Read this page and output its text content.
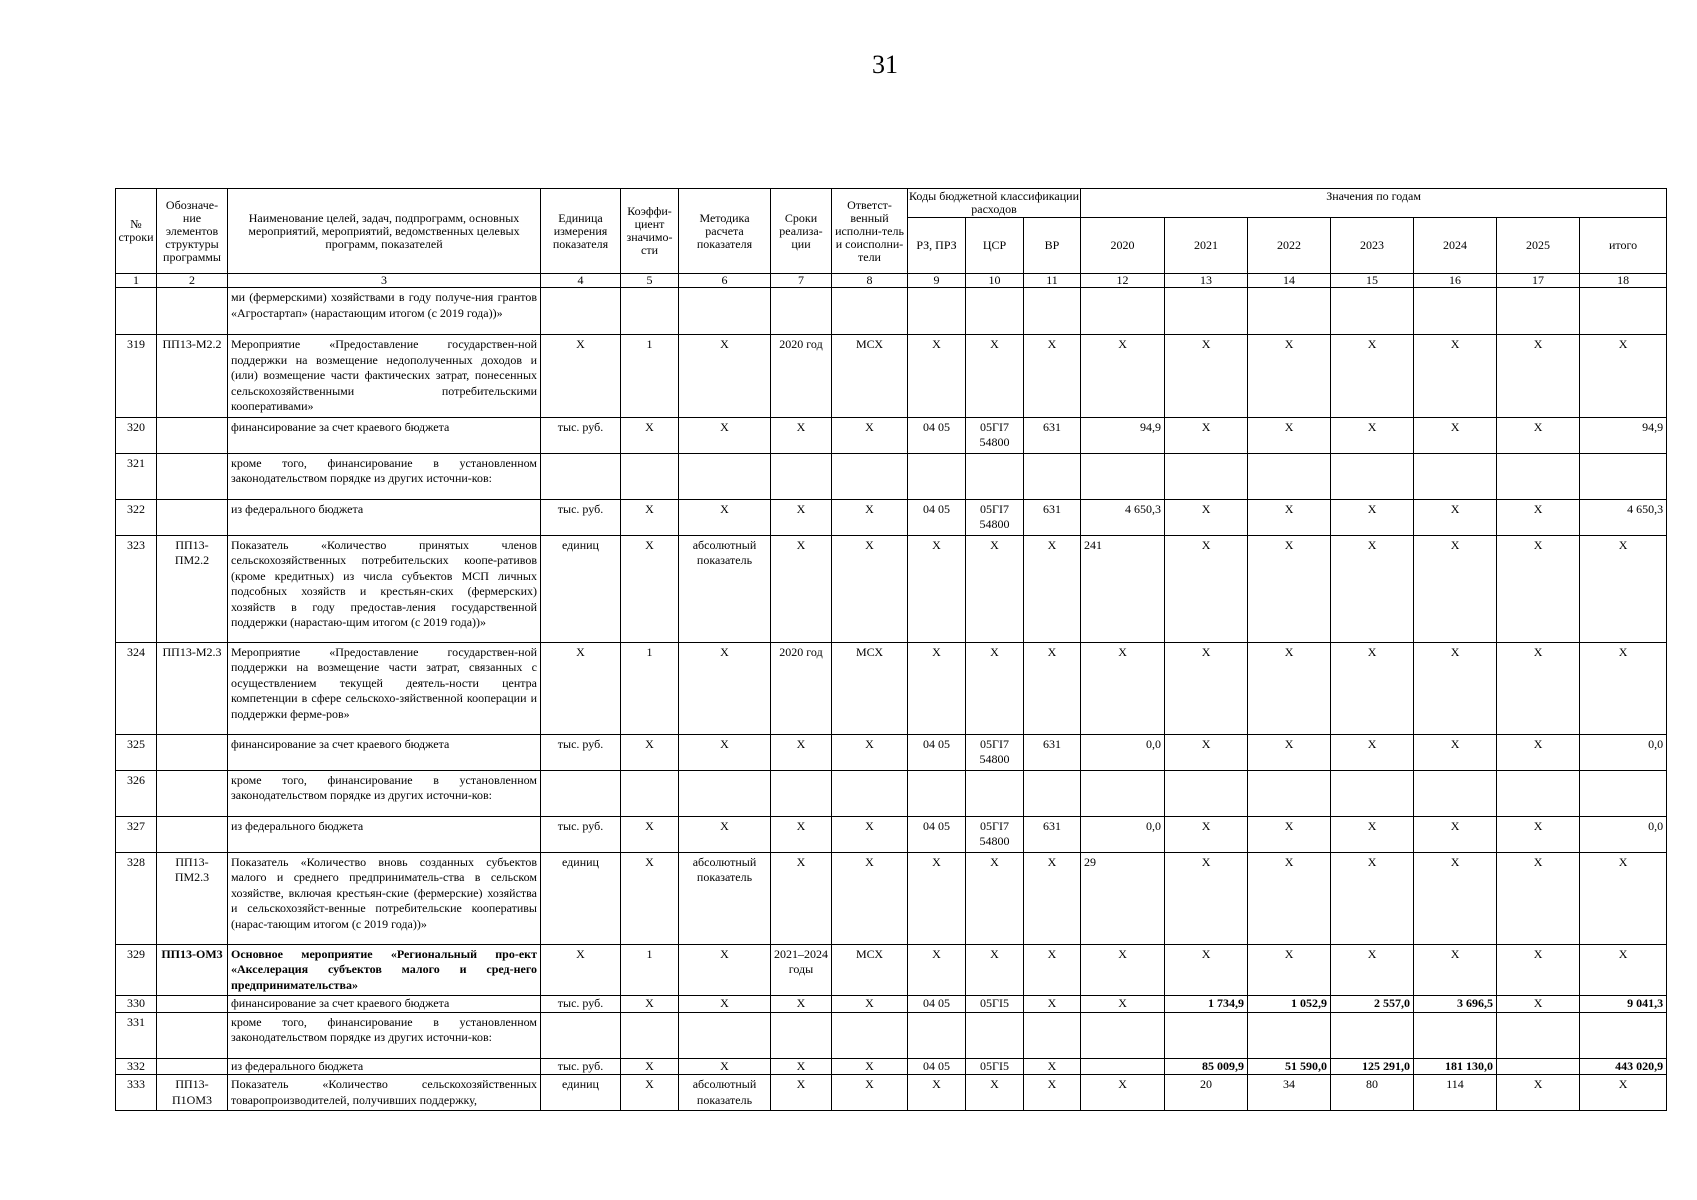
31
№ строки	Обозначе-ние элементов структуры программы	Наименование целей, задач, подпрограмм, основных мероприятий, мероприятий, ведомственных целевых программ, показателей	Единица измерения показателя	Коэффи-циент значимо-сти	Методика расчета показателя	Сроки реализа-ции	Ответст-венный исполни-тель и соисполни-тели	Коды бюджетной классификации расходов			Значения по годам						
								РЗ, ПРЗ	ЦСР	ВР	2020	2021	2022	2023	2024	2025	итого
1	2	3	4	5	6	7	8	9	10	11	12	13	14	15	16	17	18
		ми (фермерскими) хозяйствами в году получе-ния грантов «Агростартап» (нарастающим итогом (с 2019 года))»															
319	ПП13-М2.2	Мероприятие «Предоставление государствен-ной поддержки на возмещение недополученных доходов и (или) возмещение части фактических затрат, понесенных сельскохозяйственными потребительскими кооперативами»	Х	1	Х	2020 год	МСХ	Х	Х	Х	Х	Х	Х	Х	Х	Х	Х
320		финансирование за счет краевого бюджета	тыс. руб.	Х	Х	Х	Х	04 05	05ГI7 54800	631	94,9	Х	Х	Х	Х	Х	94,9
321		кроме того, финансирование в установленном законодательством порядке из других источни-ков:															
322		из федерального бюджета	тыс. руб.	Х	Х	Х	Х	04 05	05ГI7 54800	631	4 650,3	Х	Х	Х	Х	Х	4 650,3
323	ПП13-ПМ2.2	Показатель «Количество принятых членов сельскохозяйственных потребительских коопе-ративов (кроме кредитных) из числа субъектов МСП личных подсобных хозяйств и крестьян-ских (фермерских) хозяйств в году предостав-ления государственной поддержки (нарастаю-щим итогом (с 2019 года))»	единиц	Х	абсолютный показатель	Х	Х	Х	Х	Х	241	Х	Х	Х	Х	Х	Х
324	ПП13-М2.3	Мероприятие «Предоставление государствен-ной поддержки на возмещение части затрат, связанных с осуществлением текущей деятель-ности центра компетенции в сфере сельскохо-зяйственной кооперации и поддержки ферме-ров»	Х	1	Х	2020 год	МСХ	Х	Х	Х	Х	Х	Х	Х	Х	Х	Х
325		финансирование за счет краевого бюджета	тыс. руб.	Х	Х	Х	Х	04 05	05ГI7 54800	631	0,0	Х	Х	Х	Х	Х	0,0
326		кроме того, финансирование в установленном законодательством порядке из других источни-ков:															
327		из федерального бюджета	тыс. руб.	Х	Х	Х	Х	04 05	05ГI7 54800	631	0,0	Х	Х	Х	Х	Х	0,0
328	ПП13-ПМ2.3	Показатель «Количество вновь созданных субъектов малого и среднего предприниматель-ства в сельском хозяйстве, включая крестьян-ские (фермерские) хозяйства и сельскохозяйст-венные потребительские кооперативы (нарас-тающим итогом (с 2019 года))»	единиц	Х	абсолютный показатель	Х	Х	Х	Х	Х	29	Х	Х	Х	Х	Х	Х
329	ПП13-ОМ3	Основное мероприятие «Региональный про-ект «Акселерация субъектов малого и сред-него предпринимательства»	Х	1	Х	2021–2024 годы	МСХ	Х	Х	Х	Х	Х	Х	Х	Х	Х	Х
330		финансирование за счет краевого бюджета	тыс. руб.	Х	Х	Х	Х	04 05	05ГI5	Х	Х	1 734,9	1 052,9	2 557,0	3 696,5	Х	9 041,3
331		кроме того, финансирование в установленном законодательством порядке из других источни-ков:															
332		из федерального бюджета	тыс. руб.	Х	Х	Х	Х	04 05	05ГI5	Х		85 009,9	51 590,0	125 291,0	181 130,0		443 020,9
333	ПП13-П1ОМ3	Показатель «Количество сельскохозяйственных товаропроизводителей, получивших поддержку,	единиц	Х	абсолютный показатель	Х	Х	Х	Х	Х	Х	20	34	80	114	Х	Х
